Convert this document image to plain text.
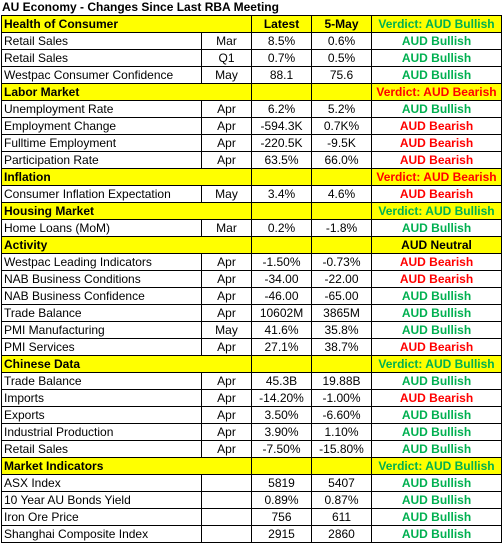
AU Economy - Changes Since Last RBA Meeting
Health of Consumer		Latest	5-May	Verdict: AUD Bullish
Retail Sales	Mar	8.5%	0.6%	AUD Bullish
Retail Sales	Q1	0.7%	0.5%	AUD Bullish
Westpac Consumer Confidence	May	88.1	75.6	AUD Bullish
Labor Market				Verdict: AUD Bearish
Unemployment Rate	Apr	6.2%	5.2%	AUD Bullish
Employment Change	Apr	-594.3K	0.7K%	AUD Bearish
Fulltime Employment	Apr	-220.5K	-9.5K	AUD Bearish
Participation Rate	Apr	63.5%	66.0%	AUD Bearish
Inflation				Verdict: AUD Bearish
Consumer Inflation Expectation	May	3.4%	4.6%	AUD Bearish
Housing Market				Verdict: AUD Bullish
Home Loans (MoM)	Mar	0.2%	-1.8%	AUD Bullish
Activity				AUD Neutral
Westpac Leading Indicators	Apr	-1.50%	-0.73%	AUD Bearish
NAB Business Conditions	Apr	-34.00	-22.00	AUD Bearish
NAB Business Confidence	Apr	-46.00	-65.00	AUD Bullish
Trade Balance	Apr	10602M	3865M	AUD Bullish
PMI Manufacturing	May	41.6%	35.8%	AUD Bullish
PMI Services	Apr	27.1%	38.7%	AUD Bearish
Chinese Data				Verdict: AUD Bullish
Trade Balance	Apr	45.3B	19.88B	AUD Bullish
Imports	Apr	-14.20%	-1.00%	AUD Bearish
Exports	Apr	3.50%	-6.60%	AUD Bullish
Industrial Production	Apr	3.90%	1.10%	AUD Bullish
Retail Sales	Apr	-7.50%	-15.80%	AUD Bullish
Market Indicators				Verdict: AUD Bullish
ASX Index		5819	5407	AUD Bullish
10 Year AU Bonds Yield		0.89%	0.87%	AUD Bullish
Iron Ore Price		756	611	AUD Bullish
Shanghai Composite Index		2915	2860	AUD Bullish
